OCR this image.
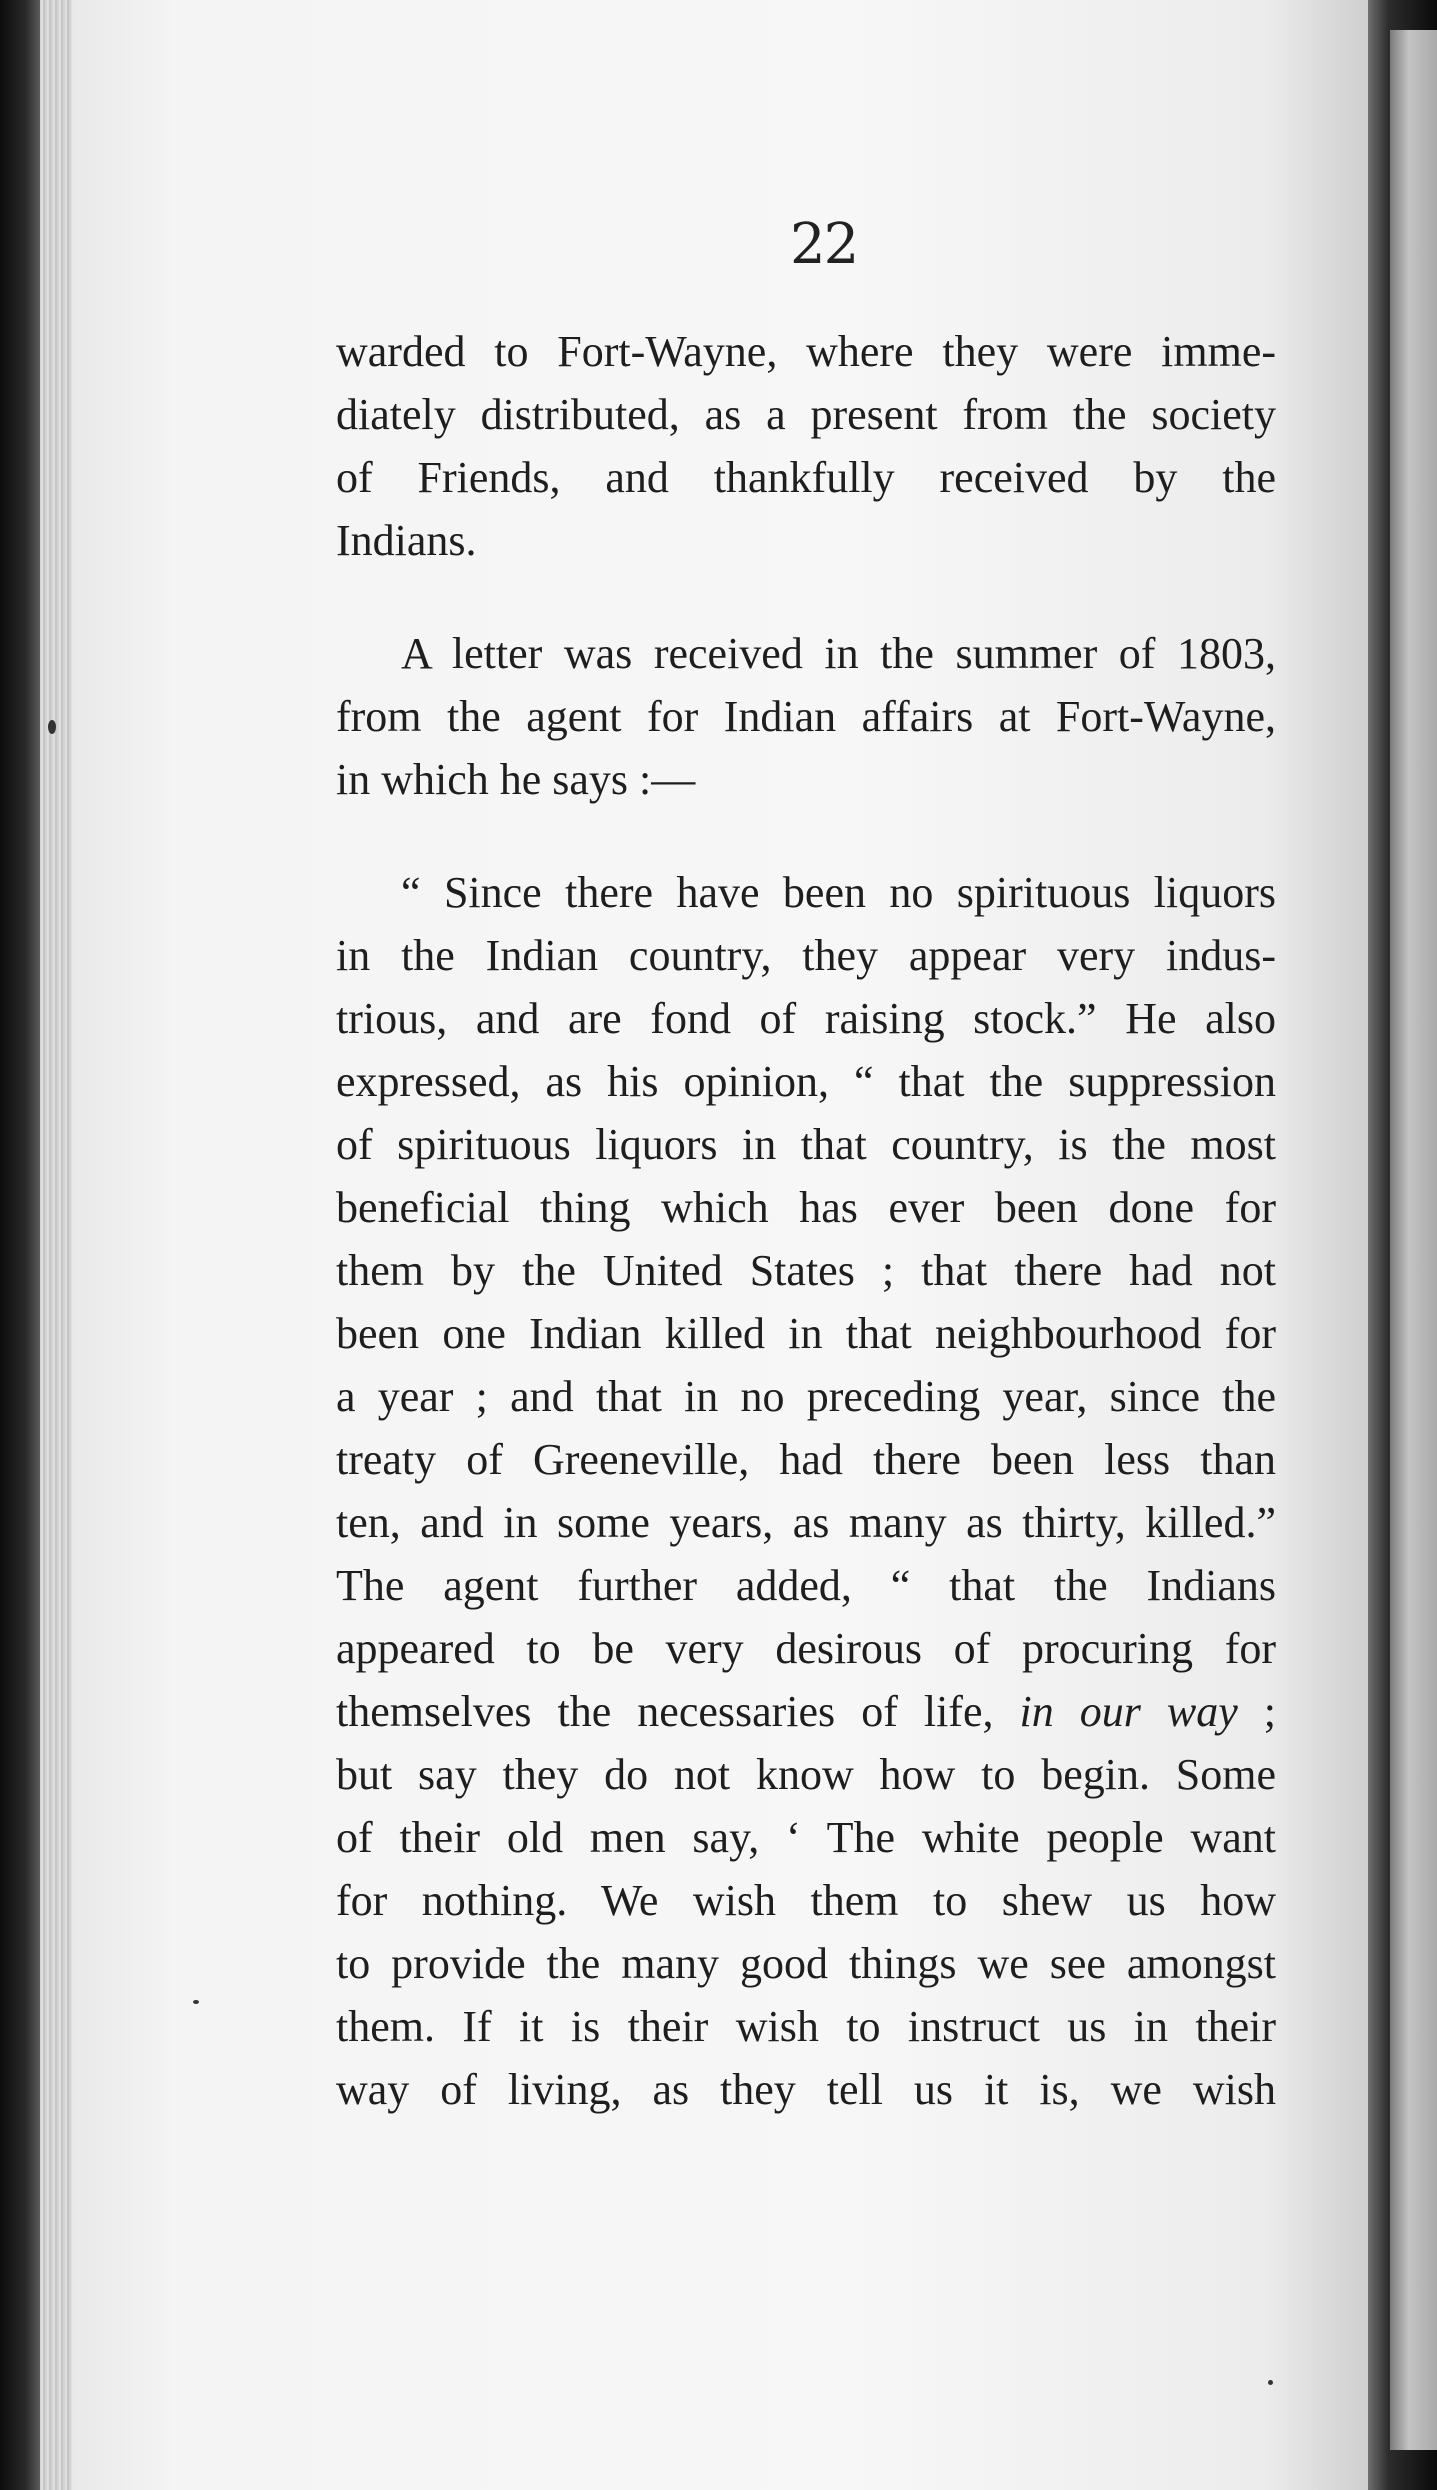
22
warded to Fort-Wayne, where they were imme-
diately distributed, as a present from the society
of Friends, and thankfully received by the
Indians.
A letter was received in the summer of 1803,
from the agent for Indian affairs at Fort-Wayne,
in which he says :—
“ Since there have been no spirituous liquors
in the Indian country, they appear very indus-
trious, and are fond of raising stock.” He also
expressed, as his opinion, “ that the suppression
of spirituous liquors in that country, is the most
beneficial thing which has ever been done for
them by the United States ; that there had not
been one Indian killed in that neighbourhood for
a year ; and that in no preceding year, since the
treaty of Greeneville, had there been less than
ten, and in some years, as many as thirty, killed.”
The agent further added, “ that the Indians
appeared to be very desirous of procuring for
themselves the necessaries of life, in our way ;
but say they do not know how to begin. Some
of their old men say, ‘ The white people want
for nothing. We wish them to shew us how
to provide the many good things we see amongst
them. If it is their wish to instruct us in their
way of living, as they tell us it is, we wish
